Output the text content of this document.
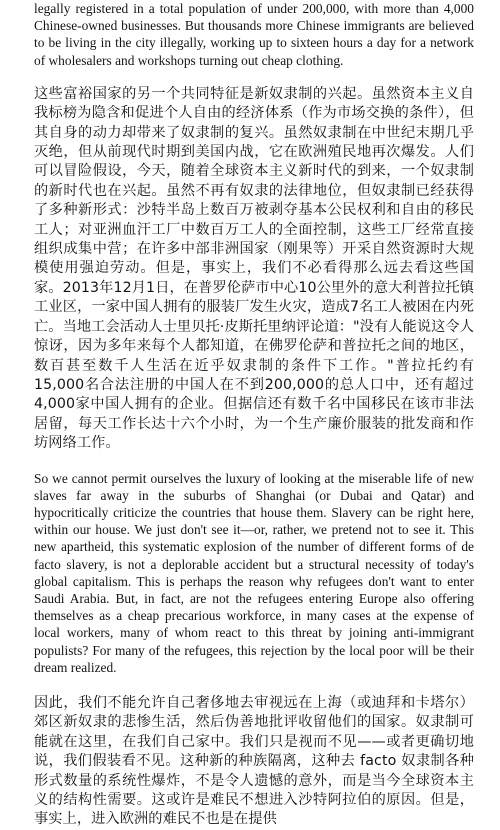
legally registered in a total population of under 200,000, with more than 4,000 Chinese-owned businesses. But thousands more Chinese immigrants are believed to be living in the city illegally, working up to sixteen hours a day for a network of wholesalers and workshops turning out cheap clothing.

这些富裕国家的另一个共同特征是新奴隶制的兴起。虽然资本主义自我标榜为隐含和促进个人自由的经济体系（作为市场交换的条件），但其自身的动力却带来了奴隶制的复兴。虽然奴隶制在中世纪末期几乎灭绝，但从前现代时期到美国内战，它在欧洲殖民地再次爆发。人们可以冒险假设，今天，随着全球资本主义新时代的到来，一个奴隶制的新时代也在兴起。虽然不再有奴隶的法律地位，但奴隶制已经获得了多种新形式：沙特半岛上数百万被剥夺基本公民权利和自由的移民工人；对亚洲血汗工厂中数百万工人的全面控制，这些工厂经常直接组织成集中营；在许多中部非洲国家（刚果等）开采自然资源时大规模使用强迫劳动。但是，事实上，我们不必看得那么远去看这些国家。2013年12月1日，在普罗伦萨市中心10公里外的意大利普拉托镇工业区，一家中国人拥有的服装厂发生火灾，造成7名工人被困在内死亡。当地工会活动人士里贝托·皮斯托里纳评论道："没有人能说这令人惊讶，因为多年来每个人都知道，在佛罗伦萨和普拉托之间的地区，数百甚至数千人生活在近乎奴隶制的条件下工作。"普拉托约有15,000名合法注册的中国人在不到200,000的总人口中，还有超过4,000家中国人拥有的企业。但据信还有数千名中国移民在该市非法居留，每天工作长达十六个小时，为一个生产廉价服装的批发商和作坊网络工作。

So we cannot permit ourselves the luxury of looking at the miserable life of new slaves far away in the suburbs of Shanghai (or Dubai and Qatar) and hypocritically criticize the countries that house them. Slavery can be right here, within our house. We just don't see it—or, rather, we pretend not to see it. This new apartheid, this systematic explosion of the number of different forms of de facto slavery, is not a deplorable accident but a structural necessity of today's global capitalism. This is perhaps the reason why refugees don't want to enter Saudi Arabia. But, in fact, are not the refugees entering Europe also offering themselves as a cheap precarious workforce, in many cases at the expense of local workers, many of whom react to this threat by joining anti-immigrant populists? For many of the refugees, this rejection by the local poor will be their dream realized.

因此，我们不能允许自己奢侈地去审视远在上海（或迪拜和卡塔尔）郊区新奴隶的悲惨生活，然后伪善地批评收留他们的国家。奴隶制可能就在这里，在我们自己家中。我们只是视而不见——或者更确切地说，我们假装看不见。这种新的种族隔离，这种去 facto 奴隶制各种形式数量的系统性爆炸，不是令人遗憾的意外，而是当今全球资本主义的结构性需要。这或许是难民不想进入沙特阿拉伯的原因。但是，事实上，进入欧洲的难民不也是在提供
